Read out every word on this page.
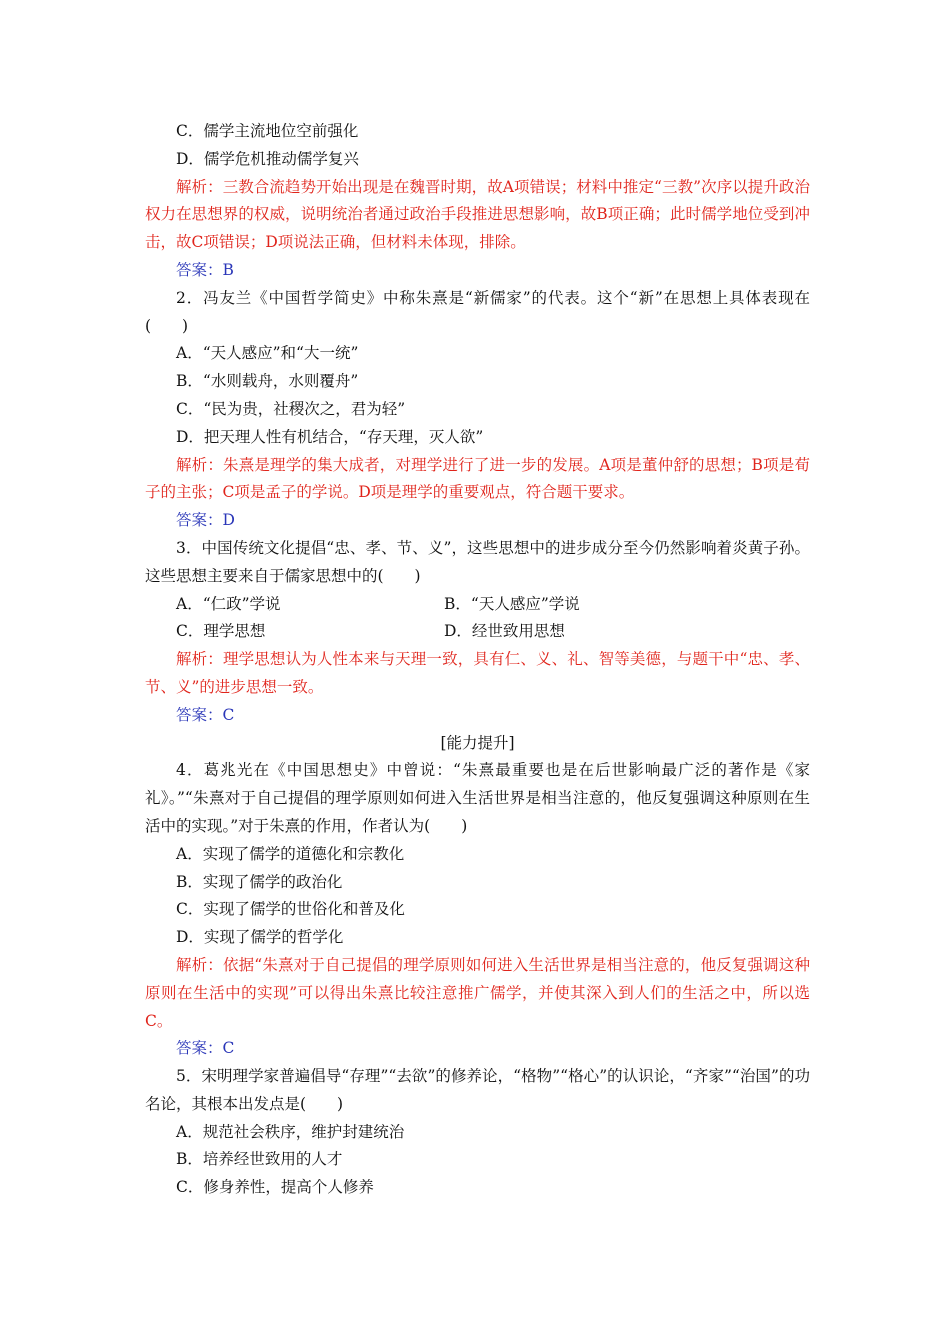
C．儒学主流地位空前强化
D．儒学危机推动儒学复兴
解析：三教合流趋势开始出现是在魏晋时期，故A项错误；材料中推定“三教”次序以提升政治权力在思想界的权威，说明统治者通过政治手段推进思想影响，故B项正确；此时儒学地位受到冲击，故C项错误；D项说法正确，但材料未体现，排除。
答案：B
2．冯友兰《中国哲学简史》中称朱熹是“新儒家”的代表。这个“新”在思想上具体表现在(　　)
A．“天人感应”和“大一统”
B．“水则载舟，水则覆舟”
C．“民为贵，社稷次之，君为轻”
D．把天理人性有机结合，“存天理，灭人欲”
解析：朱熹是理学的集大成者，对理学进行了进一步的发展。A项是董仲舒的思想；B项是荀子的主张；C项是孟子的学说。D项是理学的重要观点，符合题干要求。
答案：D
3．中国传统文化提倡“忠、孝、节、义”，这些思想中的进步成分至今仍然影响着炎黄子孙。这些思想主要来自于儒家思想中的(　　)
A．“仁政”学说	B．“天人感应”学说
C．理学思想	D．经世致用思想
解析：理学思想认为人性本来与天理一致，具有仁、义、礼、智等美德，与题干中“忠、孝、节、义”的进步思想一致。
答案：C
[能力提升]
4．葛兆光在《中国思想史》中曾说：“朱熹最重要也是在后世影响最广泛的著作是《家礼》。”“朱熹对于自己提倡的理学原则如何进入生活世界是相当注意的，他反复强调这种原则在生活中的实现。”对于朱熹的作用，作者认为(　　)
A．实现了儒学的道德化和宗教化
B．实现了儒学的政治化
C．实现了儒学的世俗化和普及化
D．实现了儒学的哲学化
解析：依据“朱熹对于自己提倡的理学原则如何进入生活世界是相当注意的，他反复强调这种原则在生活中的实现”可以得出朱熹比较注意推广儒学，并使其深入到人们的生活之中，所以选C。
答案：C
5．宋明理学家普遍倡导“存理”“去欲”的修养论，“格物”“格心”的认识论，“齐家”“治国”的功名论，其根本出发点是(　　)
A．规范社会秩序，维护封建统治
B．培养经世致用的人才
C．修身养性，提高个人修养
